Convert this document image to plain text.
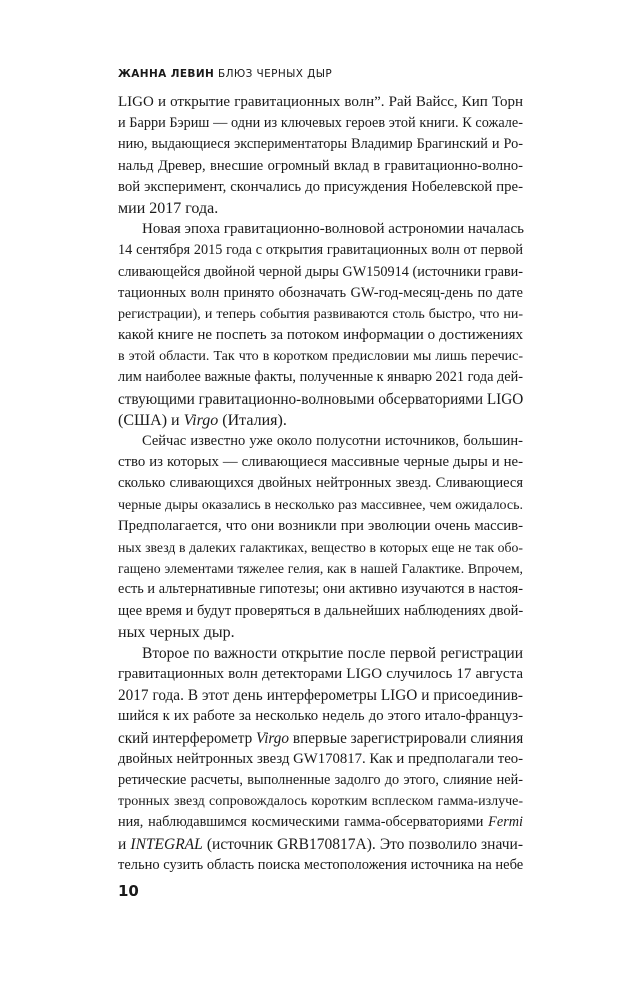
ЖАННА ЛЕВИН БЛЮЗ ЧЕРНЫХ ДЫР
LIGO и открытие гравитационных волн”. Рай Вайсс, Кип Торн
и Барри Бэриш — одни из ключевых героев этой книги. К сожале-
нию, выдающиеся экспериментаторы Владимир Брагинский и Ро-
нальд Древер, внесшие огромный вклад в гравитационно-волно-
вой эксперимент, скончались до присуждения Нобелевской пре-
мии 2017 года.
Новая эпоха гравитационно-волновой астрономии началась
14 сентября 2015 года с открытия гравитационных волн от первой
сливающейся двойной черной дыры GW150914 (источники грави-
тационных волн принято обозначать GW-год-месяц-день по дате
регистрации), и теперь события развиваются столь быстро, что ни-
какой книге не поспеть за потоком информации о достижениях
в этой области. Так что в коротком предисловии мы лишь перечис-
лим наиболее важные факты, полученные к январю 2021 года дей-
ствующими гравитационно-волновыми обсерваториями LIGO
(США) и Virgo (Италия).
Сейчас известно уже около полусотни источников, большин-
ство из которых — сливающиеся массивные черные дыры и не-
сколько сливающихся двойных нейтронных звезд. Сливающиеся
черные дыры оказались в несколько раз массивнее, чем ожидалось.
Предполагается, что они возникли при эволюции очень массив-
ных звезд в далеких галактиках, вещество в которых еще не так обо-
гащено элементами тяжелее гелия, как в нашей Галактике. Впрочем,
есть и альтернативные гипотезы; они активно изучаются в настоя-
щее время и будут проверяться в дальнейших наблюдениях двой-
ных черных дыр.
Второе по важности открытие после первой регистрации
гравитационных волн детекторами LIGO случилось 17 августа
2017 года. В этот день интерферометры LIGO и присоединив-
шийся к их работе за несколько недель до этого итало-француз-
ский интерферометр Virgo впервые зарегистрировали слияния
двойных нейтронных звезд GW170817. Как и предполагали тео-
ретические расчеты, выполненные задолго до этого, слияние ней-
тронных звезд сопровождалось коротким всплеском гамма-излуче-
ния, наблюдавшимся космическими гамма-обсерваториями Fermi
и INTEGRAL (источник GRB170817A). Это позволило значи-
тельно сузить область поиска местоположения источника на небе
10
